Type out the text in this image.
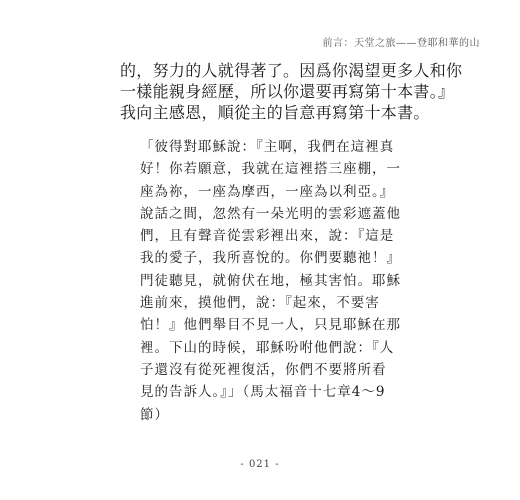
前言：天堂之旅——登耶和華的山
的，努力的人就得著了。因爲你渴望更多人和你
一樣能親身經歷，所以你還要再寫第十本書。』
我向主感恩，順從主的旨意再寫第十本書。
「彼得對耶穌說：『主啊，我們在這裡真
好！你若願意，我就在這裡搭三座棚，一
座為祢，一座為摩西，一座為以利亞。』
說話之間，忽然有一朵光明的雲彩遮蓋他
們，且有聲音從雲彩裡出來，說：『這是
我的愛子，我所喜悅的。你們要聽祂！』
門徒聽見，就俯伏在地，極其害怕。耶穌
進前來，摸他們，說：『起來，不要害
怕！』他們舉目不見一人，只見耶穌在那
裡。下山的時候，耶穌吩咐他們說：『人
子還沒有從死裡復活，你們不要將所看
見的告訴人。』」（馬太福音十七章4～9
節）
- 021 -
